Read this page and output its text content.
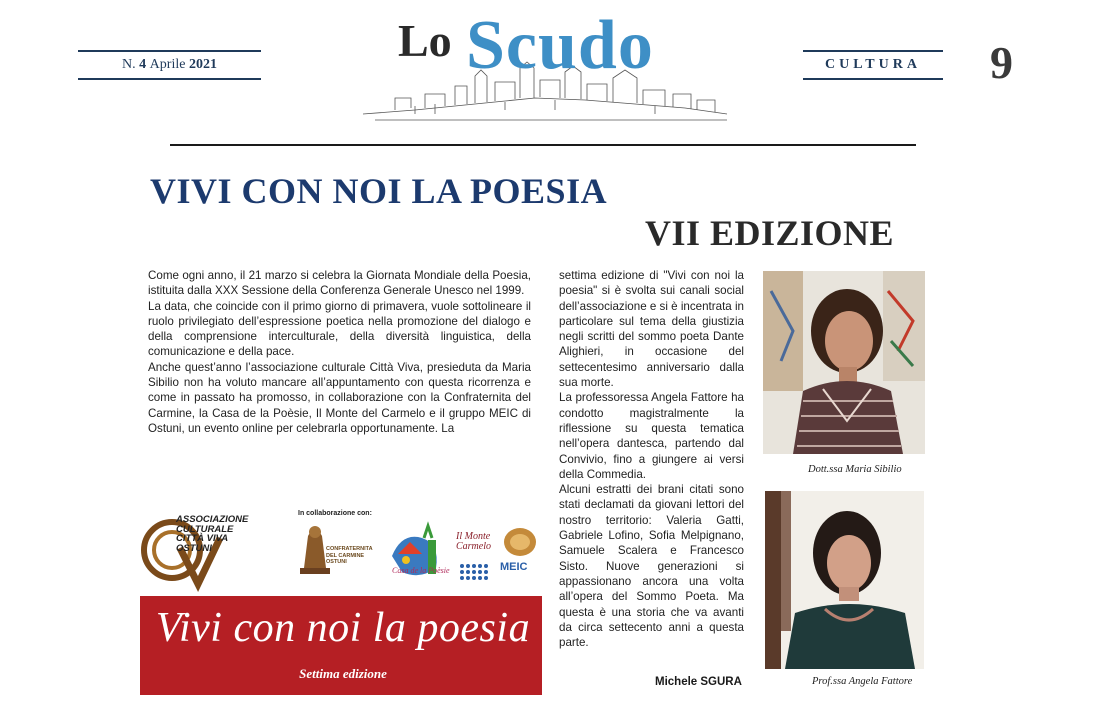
N.
4
Aprile
2021	Lo Scudo	CULTURA	9
VIVI CON NOI LA POESIA
VII EDIZIONE

Come ogni anno, il 21 marzo si celebra la Giornata Mondiale della Poesia, istituita dalla XXX Sessione della Conferenza Generale Unesco nel 1999.

La data, che coincide con il primo giorno di primavera, vuole sottolineare il ruolo privilegiato dell’espressione poetica nella promozione del dialogo e della comprensione interculturale, della diversità linguistica, della comunicazione e della pace.

Anche quest’anno l’associazione culturale Città Viva, presieduta da Maria Sibilio non ha voluto mancare all’appuntamento con questa ricorrenza e come in passato ha promosso, in collaborazione con la Confraternita del Carmine, la Casa de la Poèsie, Il Monte del Carmelo e il gruppo MEIC di Ostuni, un evento online per celebrarla opportunamente. La

settima edizione di "Vivi con noi la poesia" si è svolta sui canali social dell’associazione e si è incentrata in particolare sul tema della giustizia negli scritti del sommo poeta Dante Alighieri, in occasione del settecentesimo anniversario dalla sua morte.

La professoressa Angela Fattore ha condotto magistralmente la riflessione su questa tematica nell’opera dantesca, partendo dal Convivio, fino a giungere ai versi della Commedia.

Alcuni estratti dei brani citati sono stati declamati da giovani lettori del nostro territorio: Valeria Gatti, Gabriele Lofino, Sofia Melpignano, Samuele Scalera e Francesco Sisto. Nuove generazioni si appassionano ancora una volta all’opera del Sommo Poeta. Ma questa è una storia che va avanti da circa settecento anni a questa parte.

Michele SGURA
Dott.ssa Maria Sibilio
Prof.ssa Angela Fattore
ASSOCIAZIONE
CULTURALE
CITTÀ VIVA
OSTUNI
In collaborazione con:
CONFRATERNITA
DEL CARMINE
OSTUNI
Casa de la Poèsie
Il Monte
Carmelo
MEIC
Vivi con noi la poesia
Settima edizione
